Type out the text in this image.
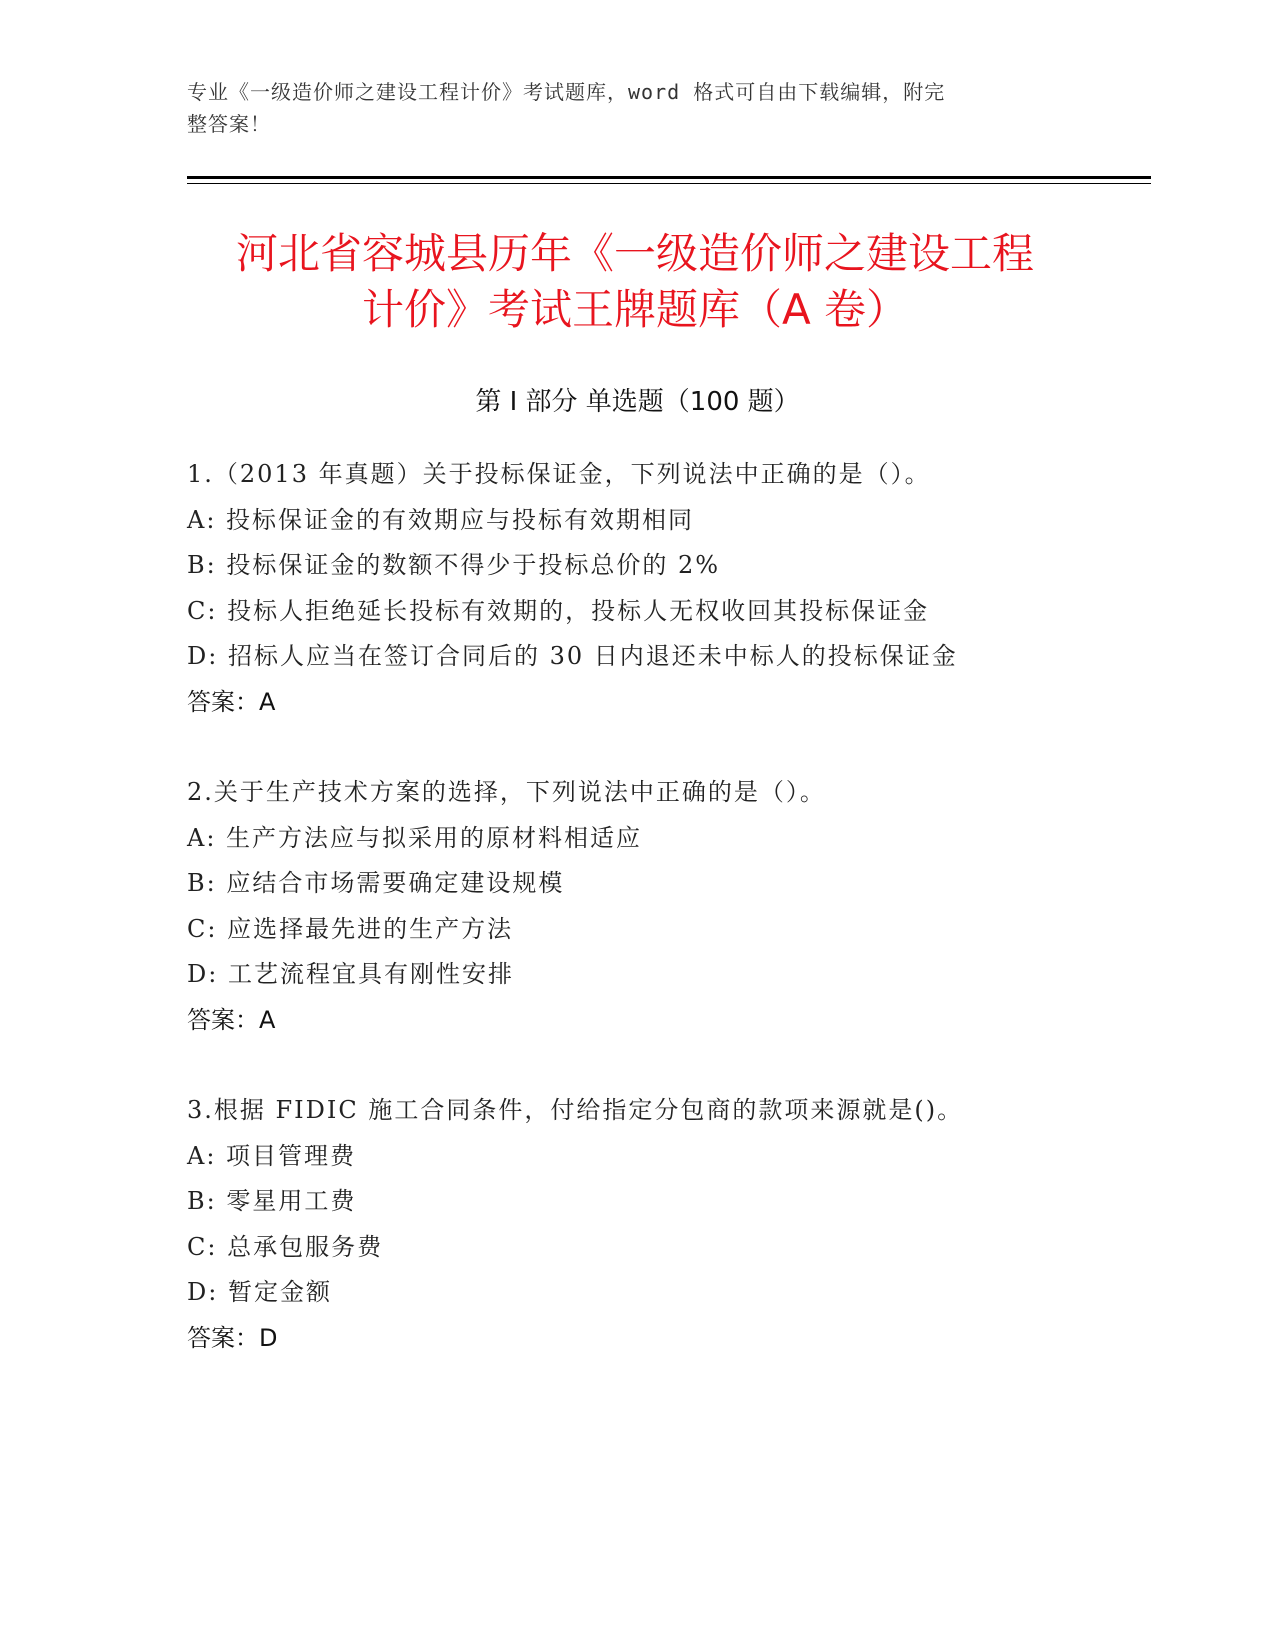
专业《一级造价师之建设工程计价》考试题库，word 格式可自由下载编辑，附完
整答案！
河北省容城县历年《一级造价师之建设工程
计价》考试王牌题库（A 卷）
第 I 部分 单选题（100 题）
1.（2013 年真题）关于投标保证金，下列说法中正确的是（）。
A: 投标保证金的有效期应与投标有效期相同
B: 投标保证金的数额不得少于投标总价的 2%
C: 投标人拒绝延长投标有效期的，投标人无权收回其投标保证金
D: 招标人应当在签订合同后的 30 日内退还未中标人的投标保证金
答案：A
2.关于生产技术方案的选择，下列说法中正确的是（）。
A: 生产方法应与拟采用的原材料相适应
B: 应结合市场需要确定建设规模
C: 应选择最先进的生产方法
D: 工艺流程宜具有刚性安排
答案：A
3.根据 FIDIC 施工合同条件，付给指定分包商的款项来源就是()。
A: 项目管理费
B: 零星用工费
C: 总承包服务费
D: 暂定金额
答案：D
